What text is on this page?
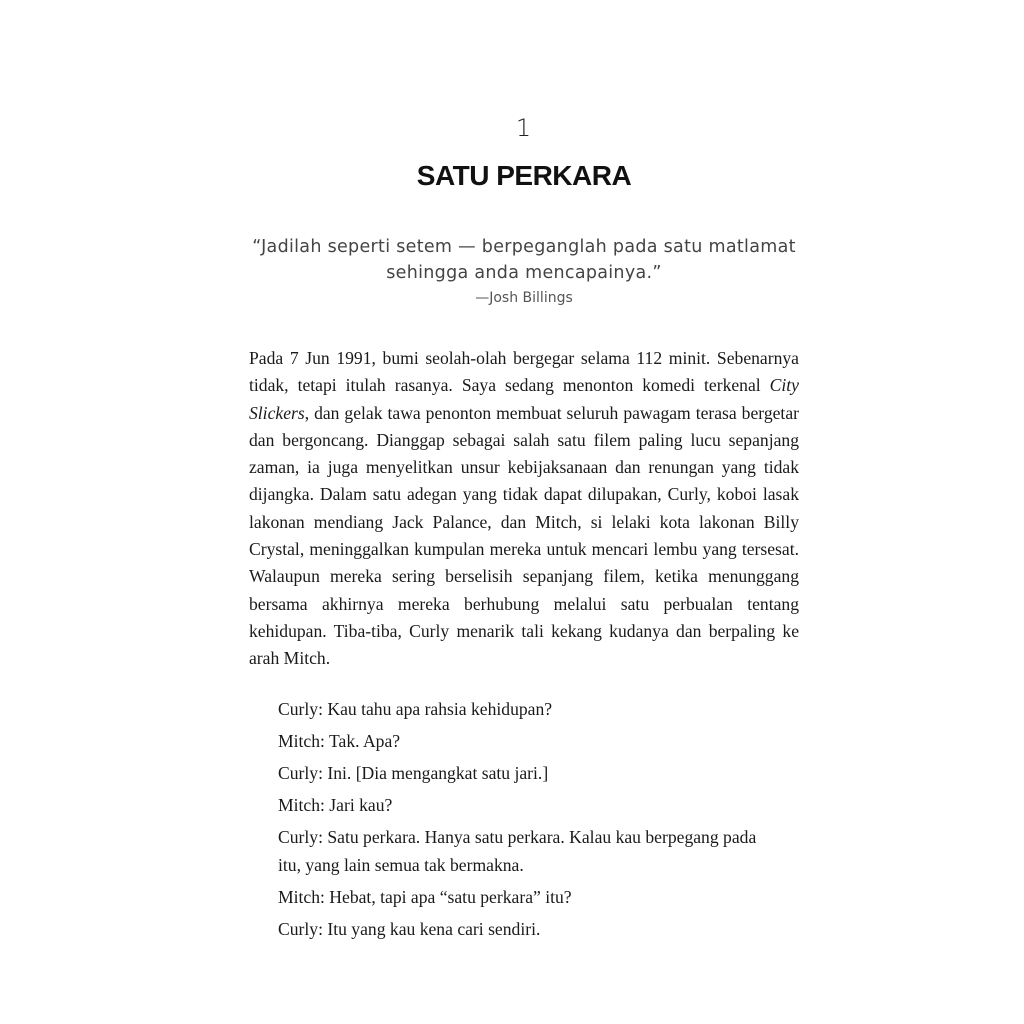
1
SATU PERKARA
“Jadilah seperti setem — berpeganglah pada satu matlamat sehingga anda mencapainya.”
—Josh Billings
Pada 7 Jun 1991, bumi seolah-olah bergegar selama 112 minit. Sebenarnya tidak, tetapi itulah rasanya. Saya sedang menonton komedi terkenal City Slickers, dan gelak tawa penonton membuat seluruh pawagam terasa bergetar dan bergoncang. Dianggap sebagai salah satu filem paling lucu sepanjang zaman, ia juga menyelitkan unsur kebijaksanaan dan renungan yang tidak dijangka. Dalam satu adegan yang tidak dapat dilupakan, Curly, koboi lasak lakonan mendiang Jack Palance, dan Mitch, si lelaki kota lakonan Billy Crystal, meninggalkan kumpulan mereka untuk mencari lembu yang tersesat. Walaupun mereka sering berselisih sepanjang filem, ketika menunggang bersama akhirnya mereka berhubung melalui satu perbualan tentang kehidupan. Tiba-tiba, Curly menarik tali kekang kudanya dan berpaling ke arah Mitch.
Curly: Kau tahu apa rahsia kehidupan?
Mitch: Tak. Apa?
Curly: Ini. [Dia mengangkat satu jari.]
Mitch: Jari kau?
Curly: Satu perkara. Hanya satu perkara. Kalau kau berpegang pada itu, yang lain semua tak bermakna.
Mitch: Hebat, tapi apa “satu perkara” itu?
Curly: Itu yang kau kena cari sendiri.
